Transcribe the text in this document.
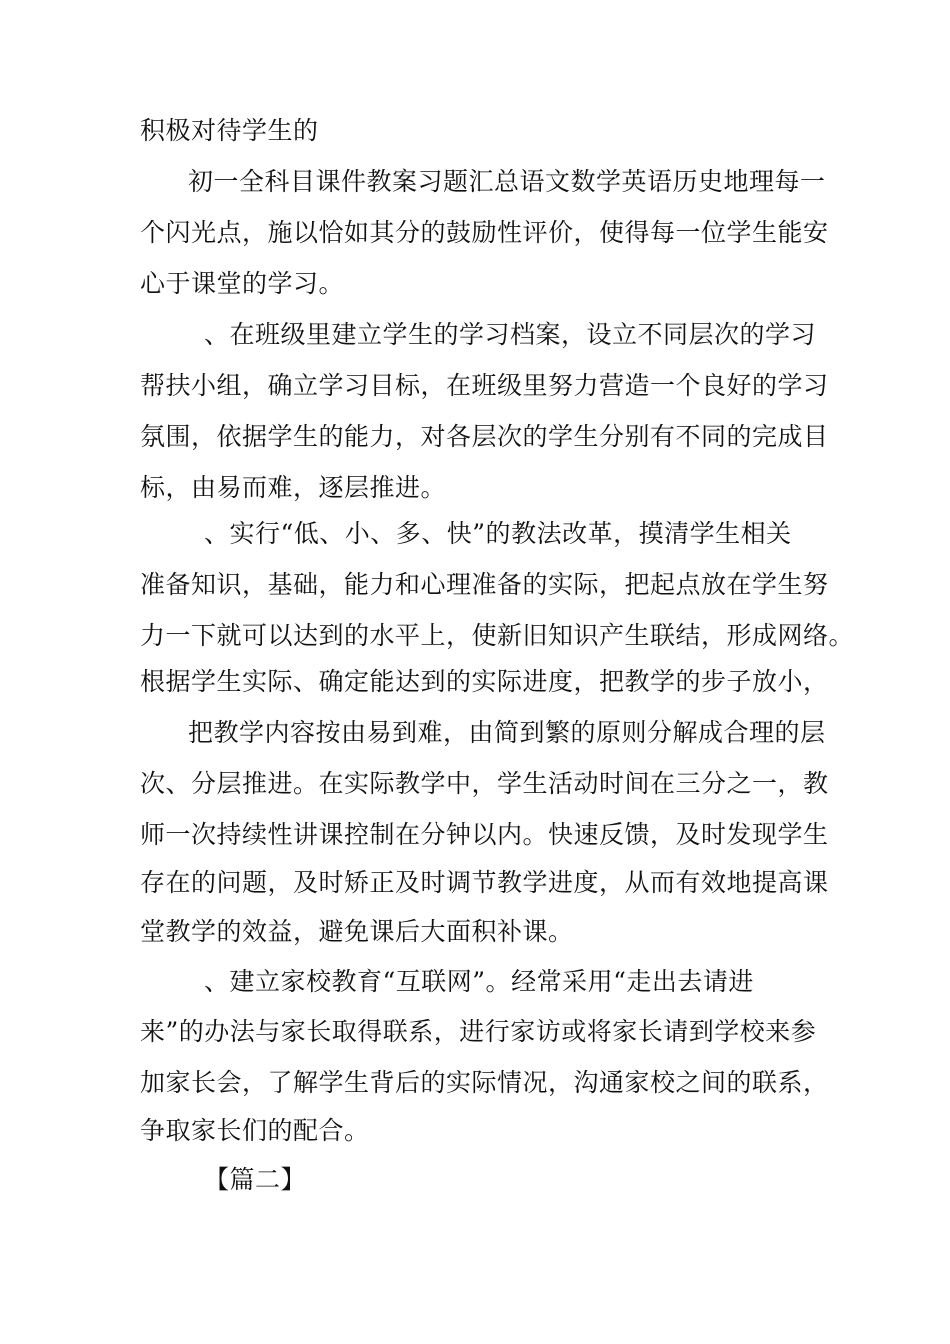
积极对待学生的
初一全科目课件教案习题汇总语文数学英语历史地理每一
个闪光点，施以恰如其分的鼓励性评价，使得每一位学生能安
心于课堂的学习。
、在班级里建立学生的学习档案，设立不同层次的学习
帮扶小组，确立学习目标，在班级里努力营造一个良好的学习
氛围，依据学生的能力，对各层次的学生分别有不同的完成目
标，由易而难，逐层推进。
、实行“低、小、多、快”的教法改革，摸清学生相关
准备知识，基础，能力和心理准备的实际，把起点放在学生努
力一下就可以达到的水平上，使新旧知识产生联结，形成网络。
根据学生实际、确定能达到的实际进度，把教学的步子放小，
把教学内容按由易到难，由简到繁的原则分解成合理的层
次、分层推进。在实际教学中，学生活动时间在三分之一，教
师一次持续性讲课控制在分钟以内。快速反馈，及时发现学生
存在的问题，及时矫正及时调节教学进度，从而有效地提高课
堂教学的效益，避免课后大面积补课。
、建立家校教育“互联网”。经常采用“走出去请进
来”的办法与家长取得联系，进行家访或将家长请到学校来参
加家长会，了解学生背后的实际情况，沟通家校之间的联系，
争取家长们的配合。
【篇二】
